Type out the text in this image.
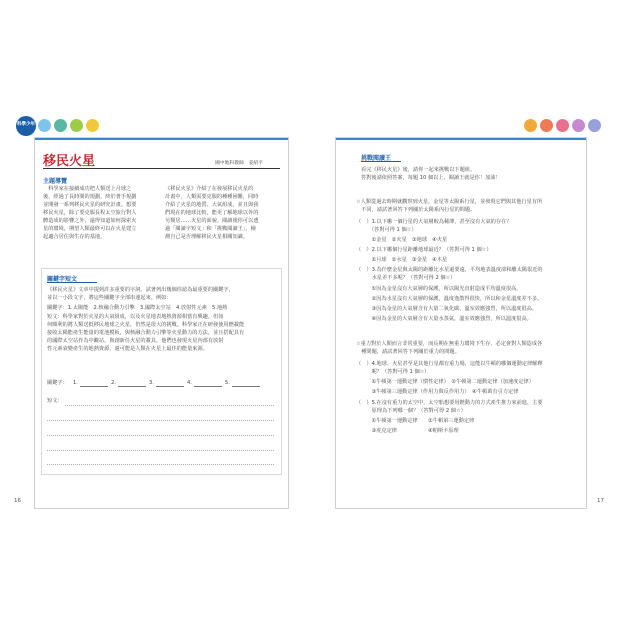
科學少年
移民火星	國中地科教師　姜紹平
主題導覽
　科學家在接續成功把人類送上月球之
後，經過了長時間的規劃，終於著手規劃
並開發一系列移民火星的研究計畫。想要
移民火星，除了要克服長程太空旅行對人
體造成的影響之外，還得知道如何探索火
星的環境，期望人類最終可以在火星建立
起適合居住與生存的基地。
《移民火星》介紹了在發展移民火星的
計畫中，人類需要克服的種種困難，同時
介紹了火星的地質、大氣組成，並且與我
們現在的地球比較，能更了解地球以外的
另類居……火星的面貌。閱讀後你可以透
過「閱讀字短文」和「挑戰閱讀王」，檢
測自己是否理解移民火星相關知識。
關鍵字短文
《移民火星》文章中提到許多重要的字詞，試著列出幾個你認為最重要的關鍵字，
並以一小段文字，將這些關鍵字全部串連起來。例如：
關鍵字：1.太陽能　2.核融合動力引擎　3.國際太空站　4.放射性元素　5.地熱
短文：科學家對於火星的大氣組成，以及火星地表地熱資源相當有興趣，但如
何順利的將人類送抵移民地球之火星，仍然是很大的挑戰。科學家正在研發使用燃載能
接收太陽能產生能量的電池模板，與核融合動力引擎等火星動力的方法，並且搭配具有
的國際太空站作為中繼站，與創新任火星的載具。他們也發現火星內部有放射
性元素衰變產生的地熱資源，還可能是人類在火星上最佳的能量來源。
關鍵字： 1.	2.	3.	4.	5.
短文：
16
挑戰閱讀王
看完《移民火星》後，請你一起來挑戰以下題組。
答對後請依照答案，每題 10 個以上，閱讀王就是你！加油！
☆人類從過去時期就觀察到火星，金星等太陽系行星，並發現它們與其他行星有所
　不同，請試著回答下列關於太陽系內行星的問題。
（　）1.以下哪一個行星的大氣層較為稀薄，甚至沒有大氣的存在？
　　　（答對可得 1 個☆）
　　　①金星　②火星　③地球　④火星
（　）2.以下哪個行星距離地球最近？（答對可得 1 個☆）
　　　①月球　②水星　③金星　④木星
（　）3.為什麼金星與太陽的距離比水星還要遠，平均地表溫度卻和離太陽很近的
　　　水星差不多呢？（答對可得 2 個☆）
　　　①因為金星沒有大氣層的保護，所以陽光直射造成平均溫度很高。
　　　②因為水星沒有大氣層的保護，溫度逸散得很快，所以和金星溫度差不多。
　　　③因為金星的大氣層含有大量二氧化碳，溫室效應強烈，所以溫度很高。
　　　④因為金星的大氣層含有大量水蒸氣，溫室效應強烈，所以溫度很高。
☆重力對於人類而言非常重要，而長期在無重力環境下生存，必定會對人類造成各
　種問題，請試著回答下列關於重力的問題。
（　）4.地球、火星甚至是其他行星都有重力場，這能以牛頓的哪個運動定律解釋
　　　呢？（答對可得 1 個☆）
　　　①牛頓第一運動定律（慣性定律）　②牛頓第二運動定律（加速度定律）
　　　③牛頓第三運動定律（作用力與反作用力）　④牛頓萬有引力定律
（　）5.在沒有重力的太空中，太空船想要用燃動力的方式產生推力來前進，主要
　　　原理為下列哪一個？（答對可得 2 個☆）
　　　①牛頓第一運動定律　　②牛頓第三運動定律
　　　③虎克定律　　　　　　④帕斯卡原理
17
